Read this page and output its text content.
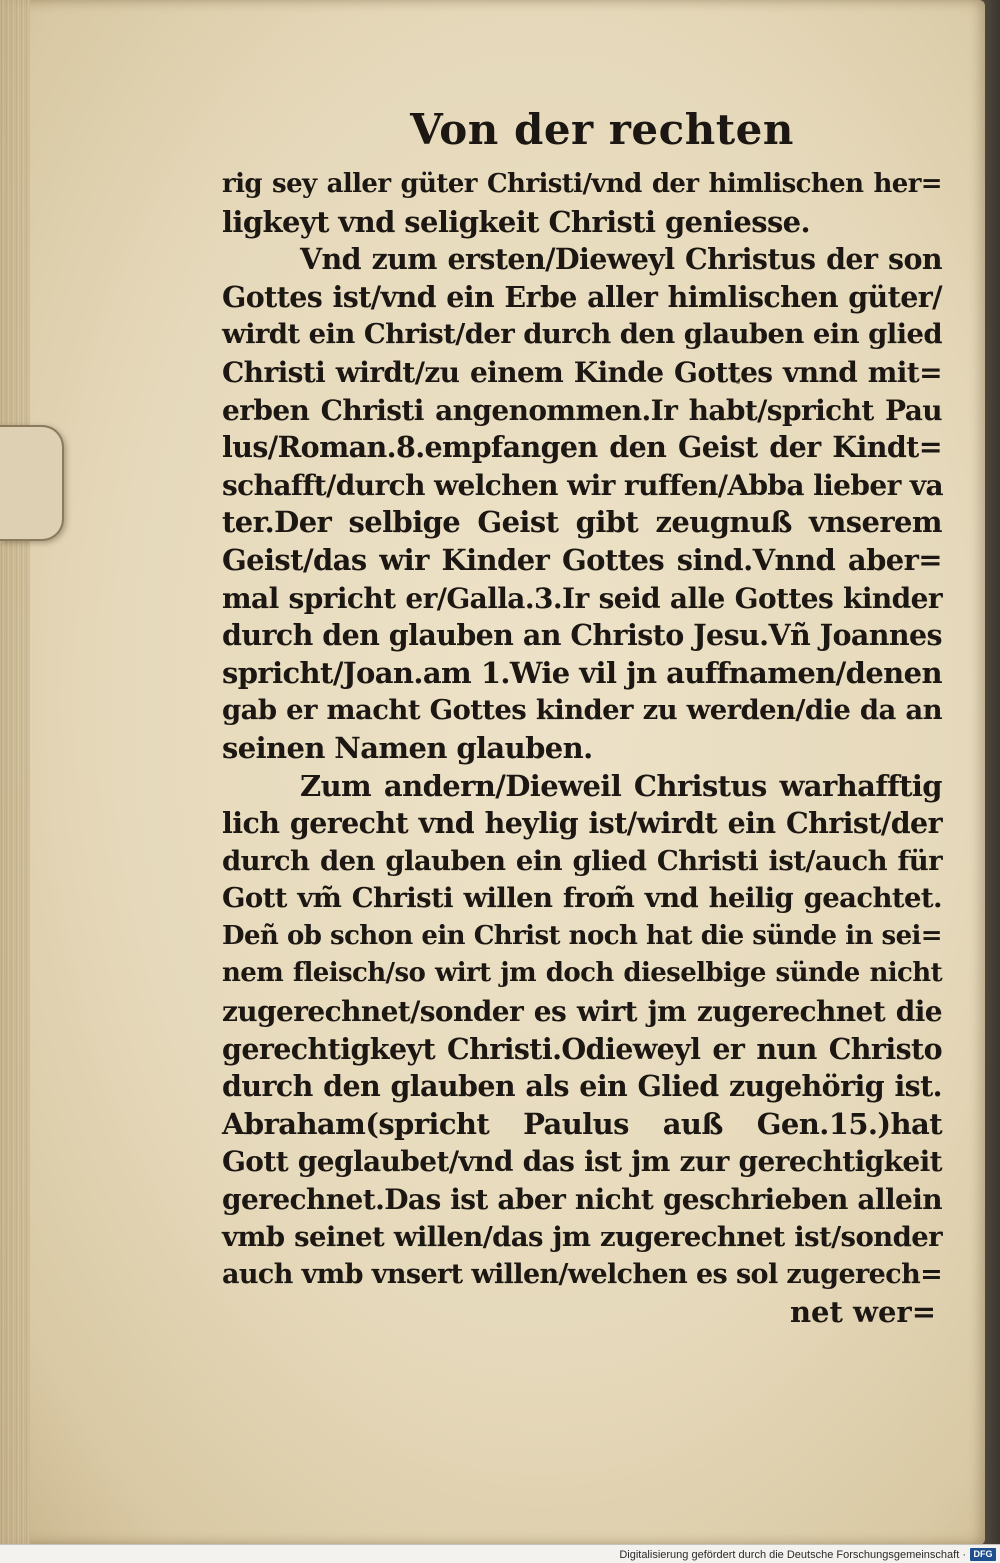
Von der rechten
rig sey aller güter Christi/vnd der himlischen her=
ligkeyt vnd seligkeit Christi geniesse.
Vnd zum ersten/Dieweyl Christus der son
Gottes ist/vnd ein Erbe aller himlischen güter/
wirdt ein Christ/der durch den glauben ein glied
Christi wirdt/zu einem Kinde Gottes vnnd mit=
erben Christi angenommen.Ir habt/spricht Pau
lus/Roman.8.empfangen den Geist der Kindt=
schafft/durch welchen wir ruffen/Abba lieber va
ter.Der selbige Geist gibt zeugnuß vnserem
Geist/das wir Kinder Gottes sind.Vnnd aber=
mal spricht er/Galla.3.Ir seid alle Gottes kinder
durch den glauben an Christo Jesu.Vñ Joannes
spricht/Joan.am 1.Wie vil jn auffnamen/denen
gab er macht Gottes kinder zu werden/die da an
seinen Namen glauben.
Zum andern/Dieweil Christus warhafftig
lich gerecht vnd heylig ist/wirdt ein Christ/der
durch den glauben ein glied Christi ist/auch für
Gott vm̃ Christi willen from̃ vnd heilig geachtet.
Deñ ob schon ein Christ noch hat die sünde in sei=
nem fleisch/so wirt jm doch dieselbige sünde nicht
zugerechnet/sonder es wirt jm zugerechnet die
gerechtigkeyt Christi.Odieweyl er nun Christo
durch den glauben als ein Glied zugehörig ist.
Abraham(spricht Paulus auß Gen.15.)hat
Gott geglaubet/vnd das ist jm zur gerechtigkeit
gerechnet.Das ist aber nicht geschrieben allein
vmb seinet willen/das jm zugerechnet ist/sonder
auch vmb vnsert willen/welchen es sol zugerech=
net wer=
Digitalisierung gefördert durch die Deutsche Forschungsgemeinschaft · DFG
